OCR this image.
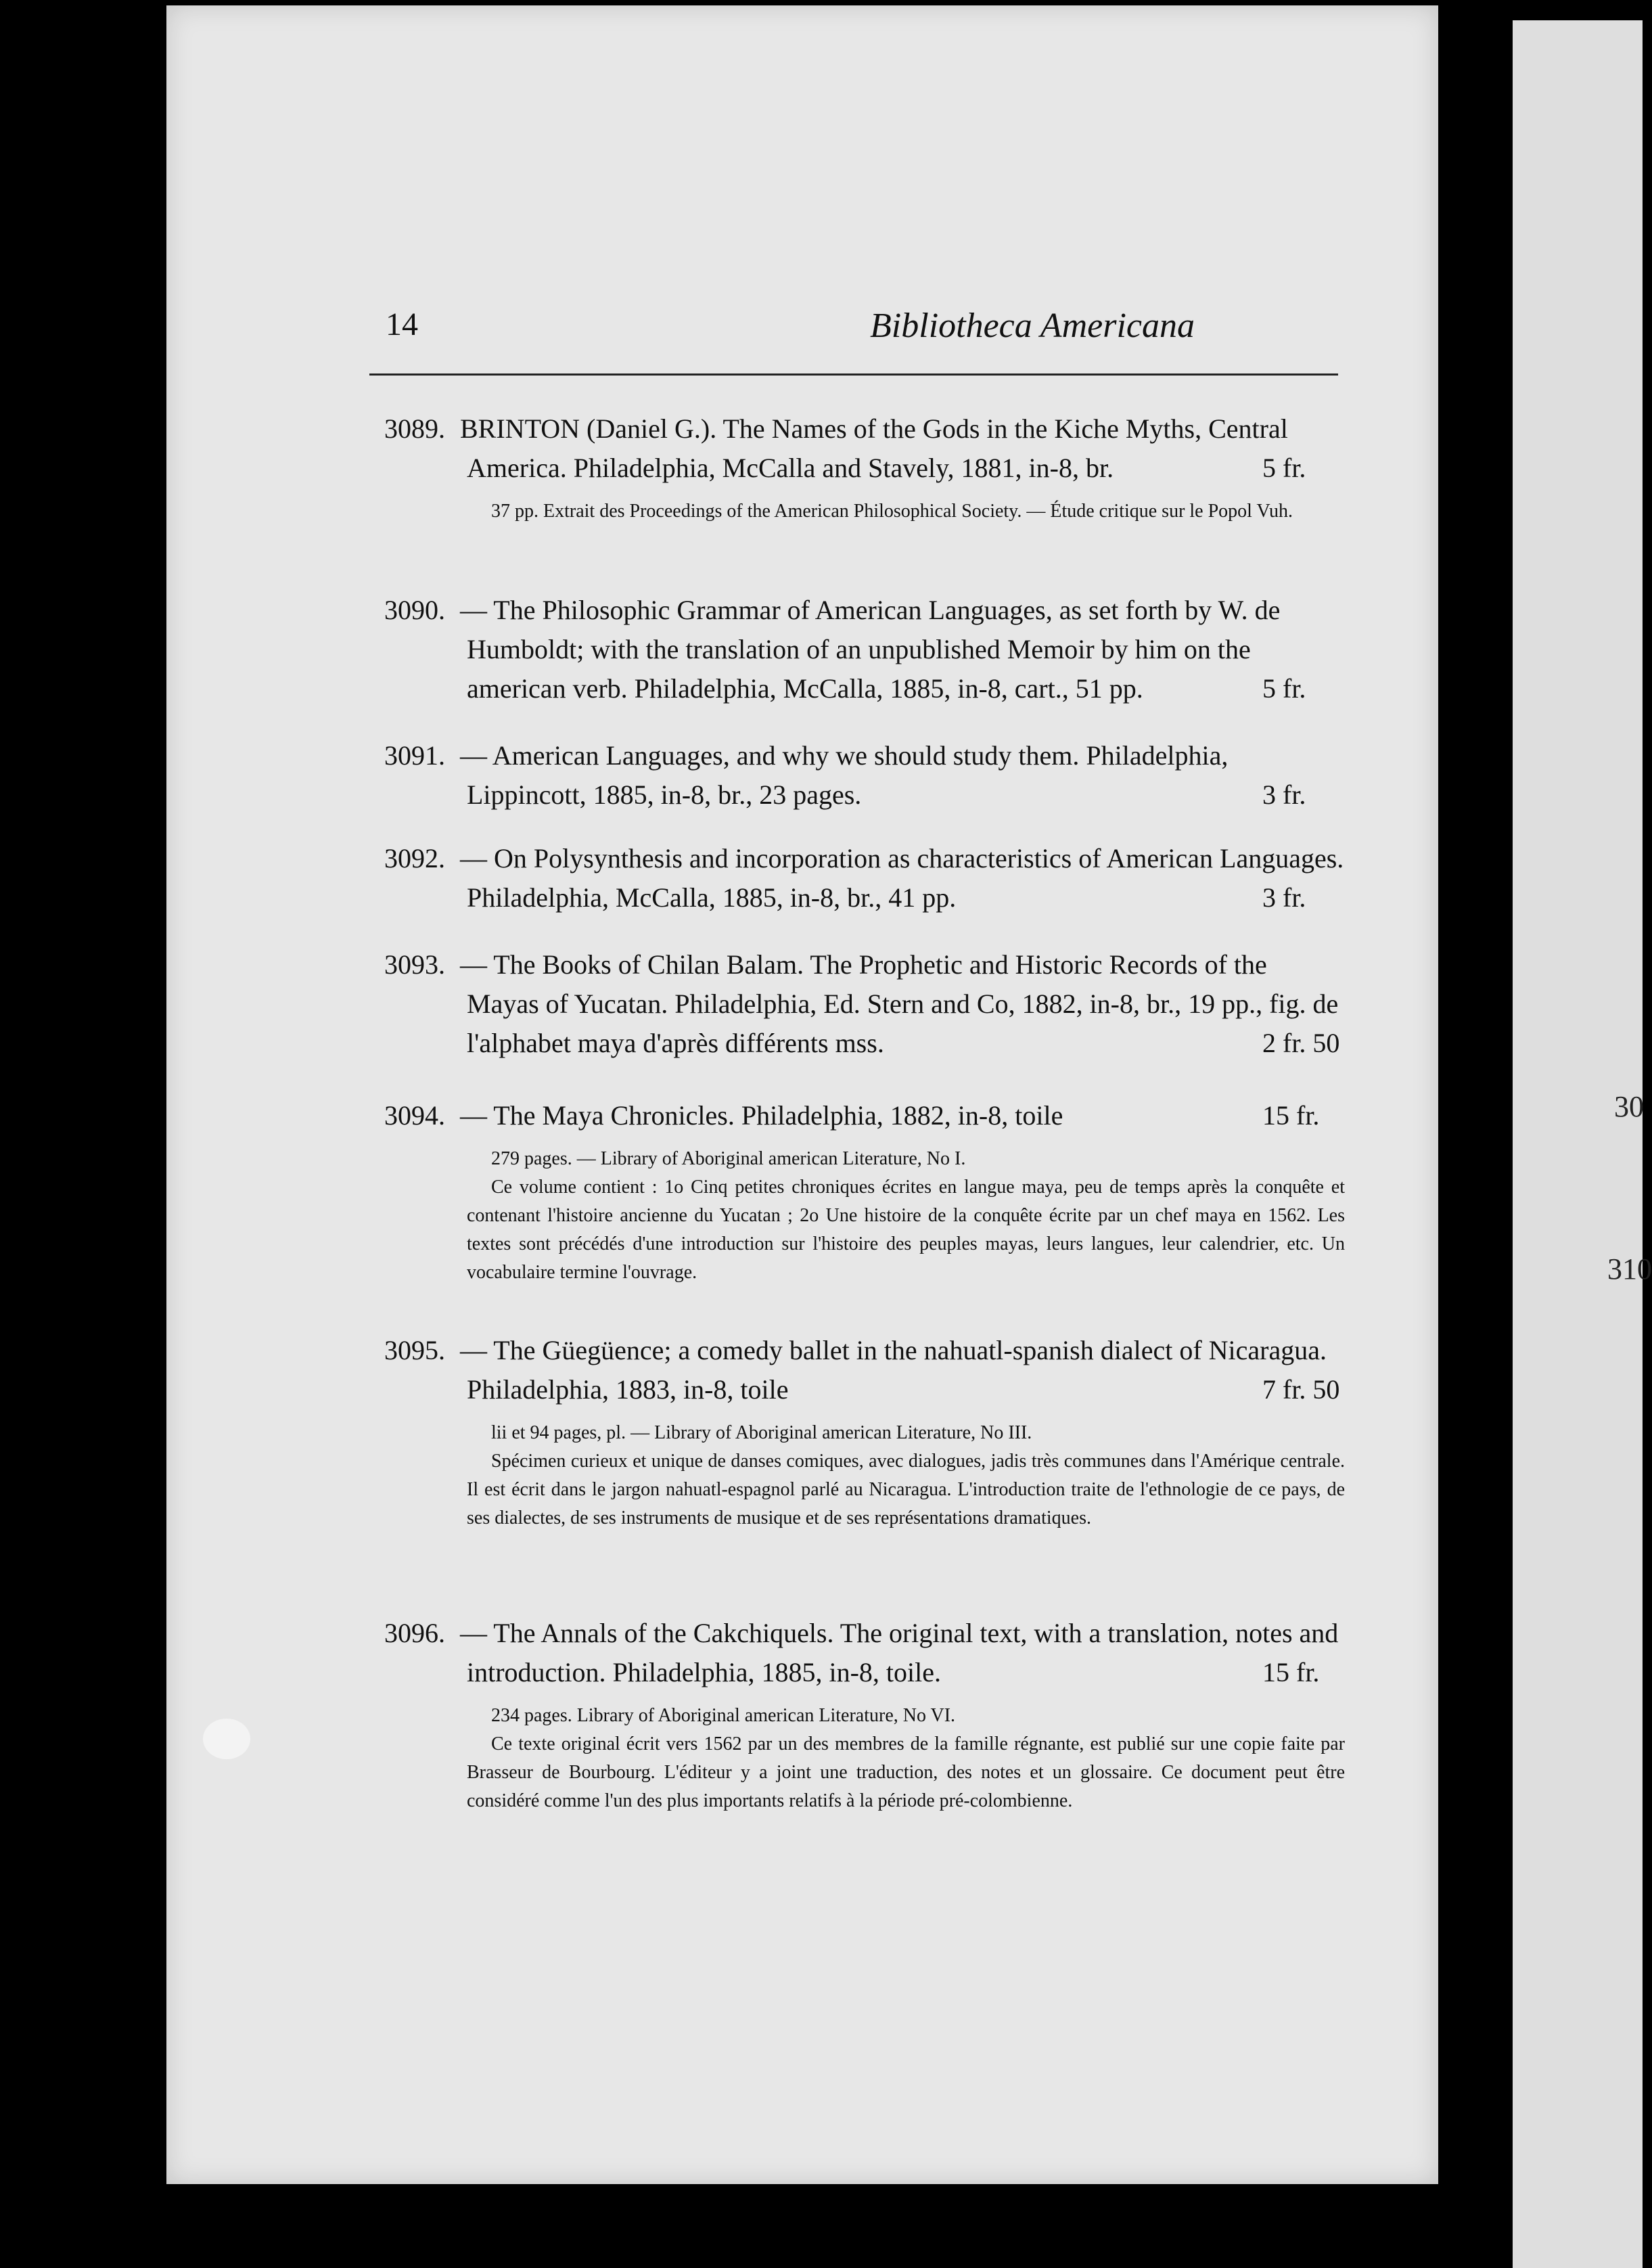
30
310
14	Bibliotheca Americana

3089. BRINTON (Daniel G.). The Names of the Gods in the Kiche Myths, Central America. Philadelphia, McCalla and Stavely, 1881, in-8, br.	5 fr.

37 pp. Extrait des Proceedings of the American Philosophical Society. — Étude critique sur le Popol Vuh.

3090. — The Philosophic Grammar of American Languages, as set forth by W. de Humboldt; with the translation of an unpublished Memoir by him on the american verb. Philadelphia, McCalla, 1885, in-8, cart., 51 pp.	5 fr.

3091. — American Languages, and why we should study them. Philadelphia, Lippincott, 1885, in-8, br., 23 pages.	3 fr.

3092. — On Polysynthesis and incorporation as characteristics of American Languages. Philadelphia, McCalla, 1885, in-8, br., 41 pp.	3 fr.

3093. — The Books of Chilan Balam. The Prophetic and Historic Records of the Mayas of Yucatan. Philadelphia, Ed. Stern and Co, 1882, in-8, br., 19 pp., fig. de l'alphabet maya d'après différents mss.	2 fr. 50

3094. — The Maya Chronicles. Philadelphia, 1882, in-8, toile	15 fr.

279 pages. — Library of Aboriginal american Literature, No I.
Ce volume contient : 1o Cinq petites chroniques écrites en langue maya, peu de temps après la conquête et contenant l'histoire ancienne du Yucatan ; 2o Une histoire de la conquête écrite par un chef maya en 1562. Les textes sont précédés d'une introduction sur l'histoire des peuples mayas, leurs langues, leur calendrier, etc. Un vocabulaire termine l'ouvrage.

3095. — The Güegüence; a comedy ballet in the nahuatl-spanish dialect of Nicaragua. Philadelphia, 1883, in-8, toile	7 fr. 50

lii et 94 pages, pl. — Library of Aboriginal american Literature, No III.
Spécimen curieux et unique de danses comiques, avec dialogues, jadis très communes dans l'Amérique centrale. Il est écrit dans le jargon nahuatl-espagnol parlé au Nicaragua. L'introduction traite de l'ethnologie de ce pays, de ses dialectes, de ses instruments de musique et de ses représentations dramatiques.

3096. — The Annals of the Cakchiquels. The original text, with a translation, notes and introduction. Philadelphia, 1885, in-8, toile.	15 fr.

234 pages. Library of Aboriginal american Literature, No VI.
Ce texte original écrit vers 1562 par un des membres de la famille régnante, est publié sur une copie faite par Brasseur de Bourbourg. L'éditeur y a joint une traduction, des notes et un glossaire. Ce document peut être considéré comme l'un des plus importants relatifs à la période pré-colombienne.
